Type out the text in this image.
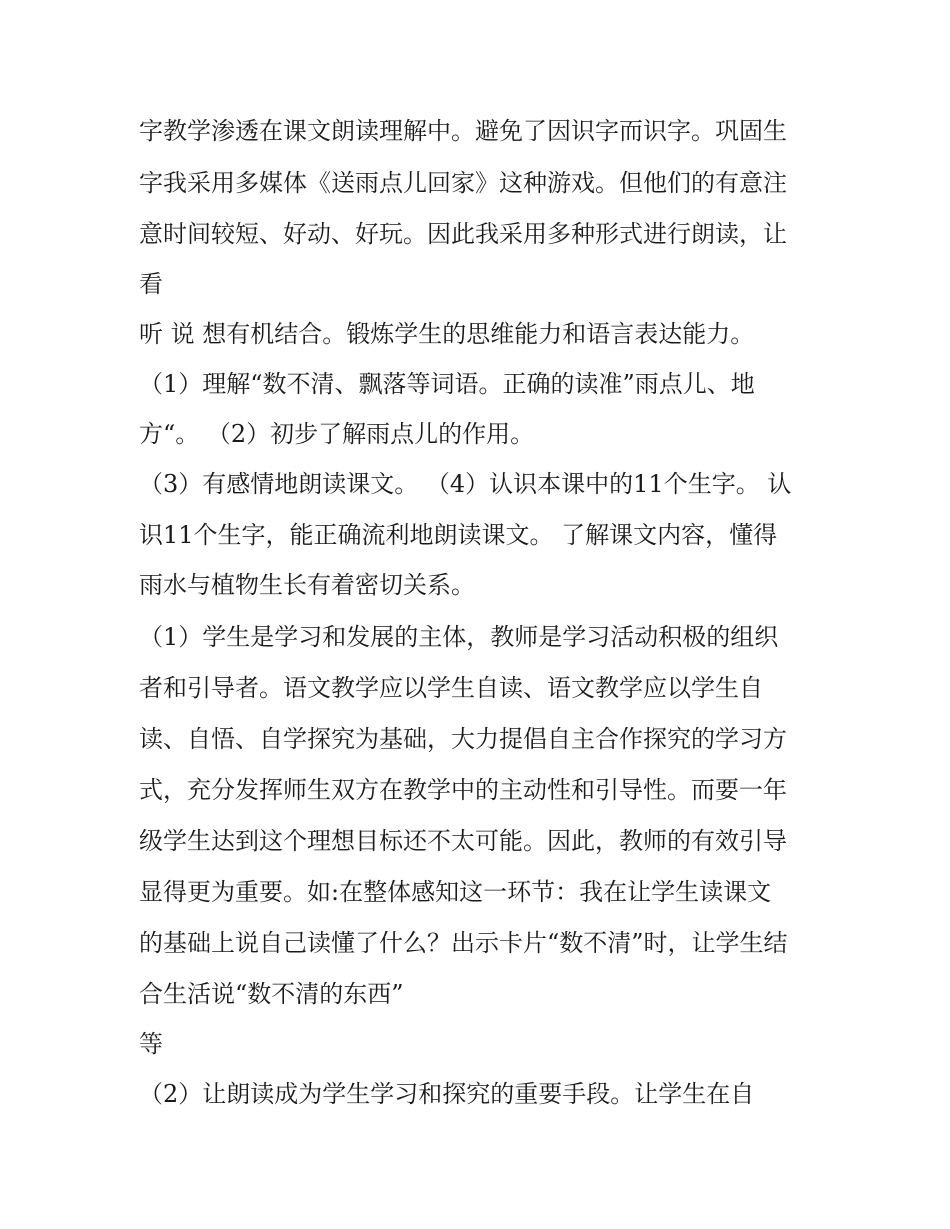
字教学渗透在课文朗读理解中。避免了因识字而识字。巩固生
字我采用多媒体《送雨点儿回家》这种游戏。但他们的有意注
意时间较短、好动、好玩。因此我采用多种形式进行朗读，让
看
听 说 想有机结合。锻炼学生的思维能力和语言表达能力。
（1）理解“数不清、飘落等词语。正确的读准”雨点儿、地
方“。 （2）初步了解雨点儿的作用。
（3）有感情地朗读课文。 （4）认识本课中的11个生字。 认
识11个生字，能正确流利地朗读课文。 了解课文内容，懂得
雨水与植物生长有着密切关系。
（1）学生是学习和发展的主体，教师是学习活动积极的组织
者和引导者。语文教学应以学生自读、语文教学应以学生自
读、自悟、自学探究为基础，大力提倡自主合作探究的学习方
式，充分发挥师生双方在教学中的主动性和引导性。而要一年
级学生达到这个理想目标还不太可能。因此，教师的有效引导
显得更为重要。如:在整体感知这一环节：我在让学生读课文
的基础上说自己读懂了什么？出示卡片“数不清”时，让学生结
合生活说“数不清的东西”
等
（2）让朗读成为学生学习和探究的重要手段。让学生在自
